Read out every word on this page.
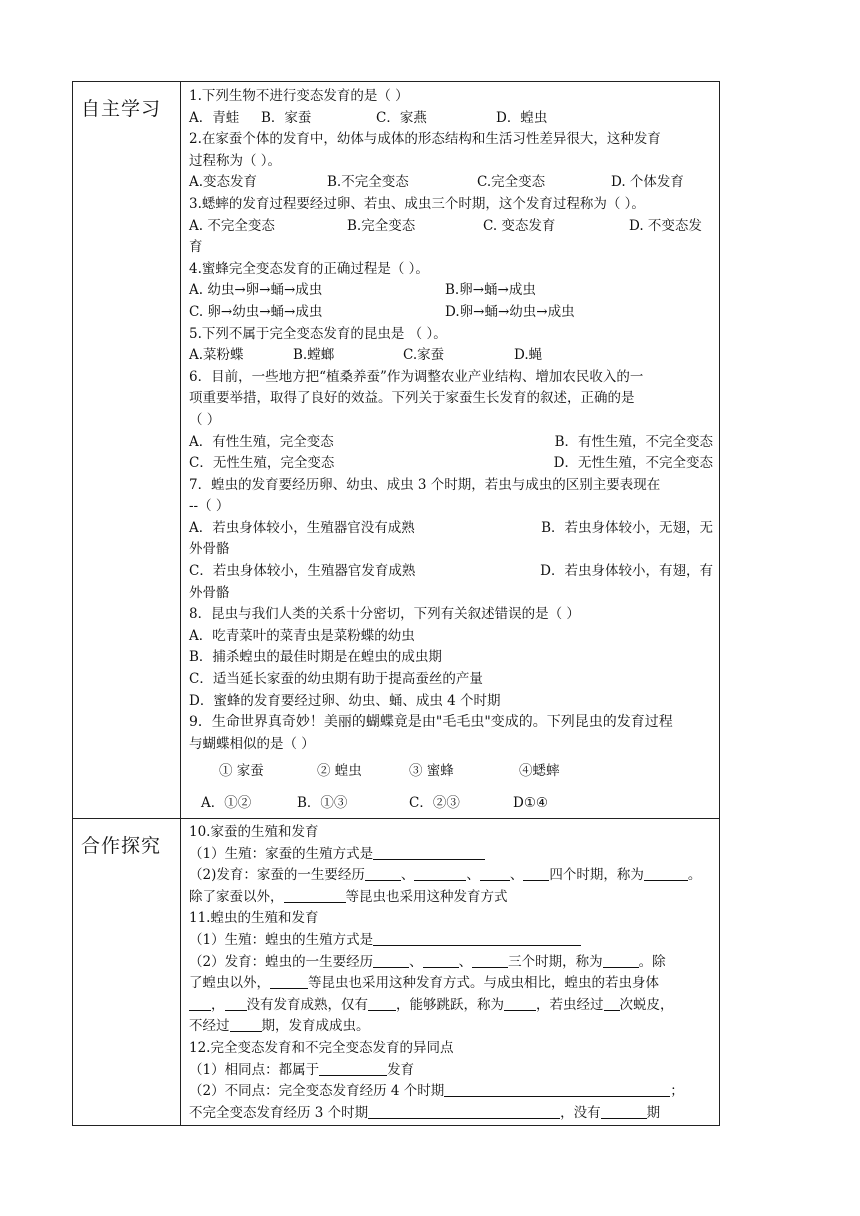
自主学习
1.下列生物不进行变态发育的是（ ）
A．青蛙	B．家蚕	C．家燕	D．蝗虫
2.在家蚕个体的发育中，幼体与成体的形态结构和生活习性差异很大，这种发育
过程称为（ ）。
A.变态发育	B.不完全变态	C.完全变态	D. 个体发育
3.蟋蟀的发育过程要经过卵、若虫、成虫三个时期，这个发育过程称为（ ）。
A. 不完全变态	B.完全变态	C. 变态发育	D. 不变态发
育
4.蜜蜂完全变态发育的正确过程是（ ）。
A. 幼虫→卵→蛹→成虫	B.卵→蛹→成虫
C. 卵→幼虫→蛹→成虫	D.卵→蛹→幼虫→成虫
5.下列不属于完全变态发育的昆虫是 （ ）。
A.菜粉蝶	B.螳螂	C.家蚕	D.蝇
6．目前，一些地方把“植桑养蚕”作为调整农业产业结构、增加农民收入的一
项重要举措，取得了良好的效益。下列关于家蚕生长发育的叙述，正确的是
（ ）
A．有性生殖，完全变态	B．有性生殖，不完全变态
C．无性生殖，完全变态	D．无性生殖，不完全变态
7．蝗虫的发育要经历卵、幼虫、成虫 3 个时期，若虫与成虫的区别主要表现在
--（ ）
A．若虫身体较小，生殖器官没有成熟	B．若虫身体较小，无翅，无
外骨骼
C．若虫身体较小，生殖器官发育成熟	D．若虫身体较小，有翅，有
外骨骼
8．昆虫与我们人类的关系十分密切，下列有关叙述错误的是（ ）
A．吃青菜叶的菜青虫是菜粉蝶的幼虫
B．捕杀蝗虫的最佳时期是在蝗虫的成虫期
C．适当延长家蚕的幼虫期有助于提高蚕丝的产量
D．蜜蜂的发育要经过卵、幼虫、蛹、成虫 4 个时期
9．生命世界真奇妙！美丽的蝴蝶竟是由"毛毛虫"变成的。下列昆虫的发育过程
与蝴蝶相似的是（ ）
① 家蚕	② 蝗虫	③ 蜜蜂	④蟋蟀
A．①②	B．①③	C．②③	D①④
合作探究
10.家蚕的生殖和发育
（1）生殖：家蚕的生殖方式是
（2)发育：家蚕的一生要经历	、	、 、 四个时期，称为	。
除了家蚕以外，	等昆虫也采用这种发育方式
11.蝗虫的生殖和发育
（1）生殖：蝗虫的生殖方式是
（2）发育：蝗虫的一生要经历	、	、	三个时期，称为	。除
了蝗虫以外，	等昆虫也采用这种发育方式。与成虫相比，蝗虫的若虫身体
， 没有发育成熟，仅有 ，能够跳跃，称为 ，若虫经过 次蜕皮，
不经过 期，发育成成虫。
12.完全变态发育和不完全变态发育的异同点
（1）相同点：都属于	发育
（2）不同点：完全变态发育经历 4 个时期	；
不完全变态发育经历 3 个时期	，没有	期
